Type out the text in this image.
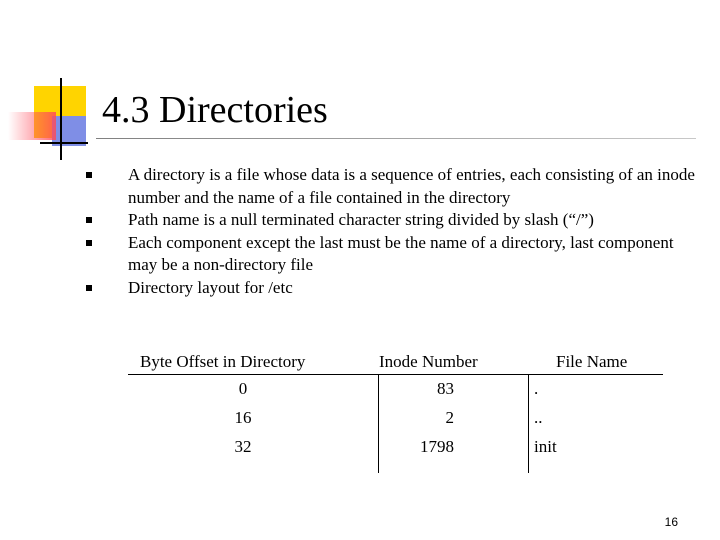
4.3 Directories
A directory is a file whose data is a sequence of entries, each consisting of an inode number and the name of a file contained in the directory
Path name is a null terminated character string divided by slash (“/”)
Each component except the last must be the name of a directory, last component may be a non-directory file
Directory layout for /etc
Byte Offset in Directory	Inode Number	File Name
0
16
32
83
2
1798
.
..
init
16
